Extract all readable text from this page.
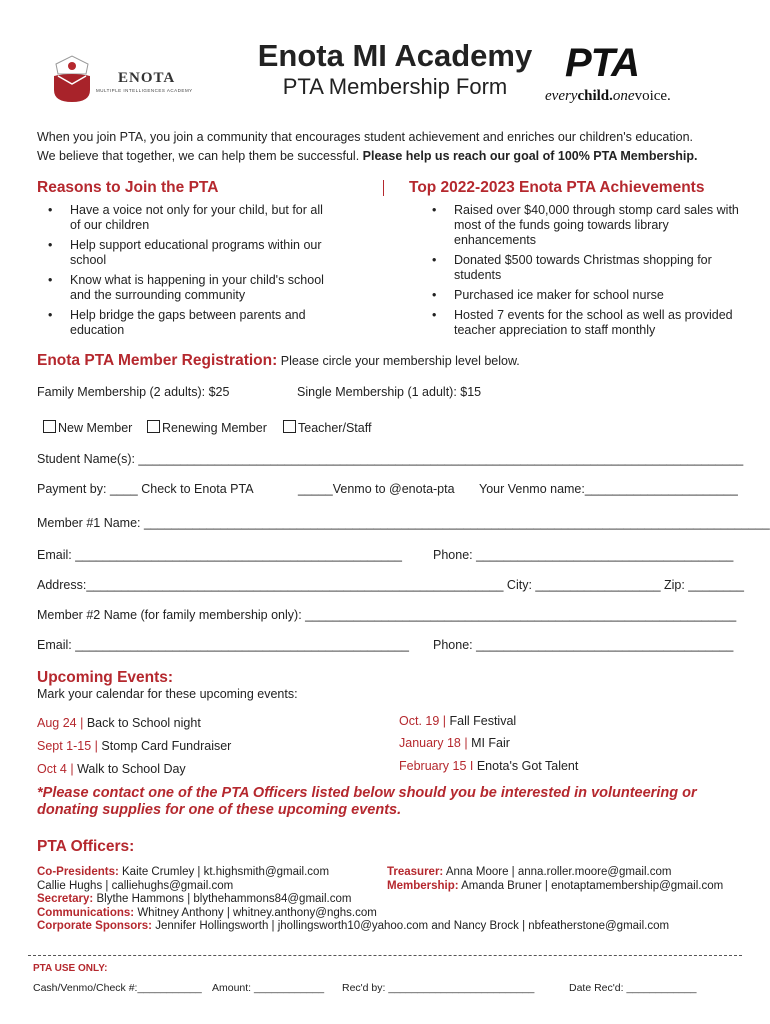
ENOTA
MULTIPLE INTELLIGENCES ACADEMY
Enota MI Academy
PTA Membership Form
PTA
everychild.onevoice.
When you join PTA, you join a community that encourages student achievement and enriches our children's education.
We believe that together, we can help them be successful. Please help us reach our goal of 100% PTA Membership.
Reasons to Join the PTA
• Have a voice not only for your child, but for all of our children
• Help support educational programs within our school
• Know what is happening in your child's school and the surrounding community
• Help bridge the gaps between parents and education
Top 2022-2023 Enota PTA Achievements
• Raised over $40,000 through stomp card sales with most of the funds going towards library enhancements
• Donated $500 towards Christmas shopping for students
• Purchased ice maker for school nurse
• Hosted 7 events for the school as well as provided teacher appreciation to staff monthly
Enota PTA Member Registration: Please circle your membership level below.
Family Membership (2 adults): $25	Single Membership (1 adult): $15
New Member	Renewing Member	Teacher/Staff
Student Name(s): _______________________________________________________________________________________
Payment by: ____ Check to Enota PTA	_____Venmo to @enota-pta Your Venmo name:______________________
Member #1 Name: __________________________________________________________________________________________
Email: _______________________________________________ Phone: _____________________________________
Address:____________________________________________________________ City: __________________ Zip: ________
Member #2 Name (for family membership only): ______________________________________________________________
Email: ________________________________________________ Phone: _____________________________________
Upcoming Events:
Mark your calendar for these upcoming events:
Aug 24 | Back to School night
Sept 1-15 | Stomp Card Fundraiser
Oct 4 | Walk to School Day
Oct. 19 | Fall Festival
January 18 | MI Fair
February 15 I Enota's Got Talent
*Please contact one of the PTA Officers listed below should you be interested in volunteering or donating supplies for one of these upcoming events.
PTA Officers:
Co-Presidents: Kaite Crumley | kt.highsmith@gmail.com
Callie Hughs | calliehughs@gmail.com
Secretary: Blythe Hammons | blythehammons84@gmail.com
Communications: Whitney Anthony | whitney.anthony@nghs.com
Corporate Sponsors: Jennifer Hollingsworth | jhollingsworth10@yahoo.com and Nancy Brock | nbfeatherstone@gmail.com
Treasurer: Anna Moore | anna.roller.moore@gmail.com
Membership: Amanda Bruner | enotaptamembership@gmail.com
PTA USE ONLY:
Cash/Venmo/Check #:___________ Amount: ____________ Rec'd by: _________________________	Date Rec'd: ____________
